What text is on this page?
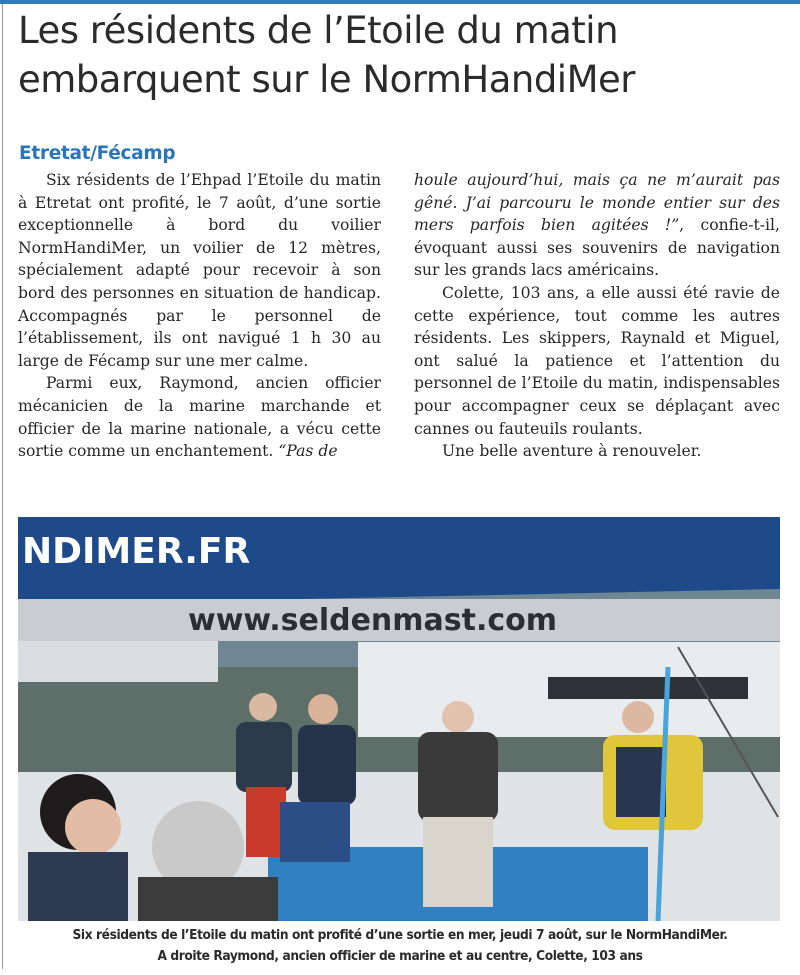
Les résidents de l’Etoile du matin
embarquent sur le NormHandiMer
Etretat/Fécamp

Six résidents de l’Ehpad l’Etoile du matin à Etretat ont profité, le 7 août, d’une sortie exceptionnelle à bord du voilier NormHandiMer, un voilier de 12 mètres, spécialement adapté pour recevoir à son bord des personnes en situation de handicap. Accompagnés par le personnel de l’établissement, ils ont navigué 1 h 30 au large de Fécamp sur une mer calme.

Parmi eux, Raymond, ancien officier mécanicien de la marine marchande et officier de la marine nationale, a vécu cette sortie comme un enchantement. “Pas de

houle aujourd’hui, mais ça ne m’aurait pas gêné. J’ai parcouru le monde entier sur des mers parfois bien agitées !”, confie-t-il, évoquant aussi ses souvenirs de navigation sur les grands lacs américains.

Colette, 103 ans, a elle aussi été ravie de cette expérience, tout comme les autres résidents. Les skippers, Raynald et Miguel, ont salué la patience et l’attention du personnel de l’Etoile du matin, indispensables pour accompagner ceux se déplaçant avec cannes ou fauteuils roulants.

Une belle aventure à renouveler.

NDIMER.FR
www.seldenmast.com
Six résidents de l’Etoile du matin ont profité d’une sortie en mer, jeudi 7 août, sur le NormHandiMer.
A droite Raymond, ancien officier de marine et au centre, Colette, 103 ans
